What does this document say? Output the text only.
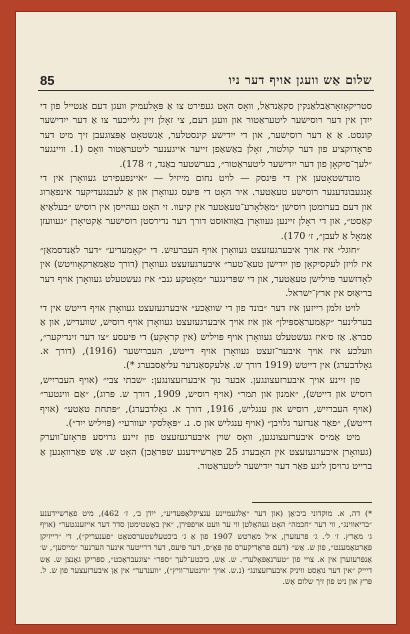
85	שלום אַש וועגן אויף דער ניו

סטריקאָזאָראַבלאַנקין סקאַנדאַל, וואָס האָט געפירט צו אַ פּאָלעמיק וועגן דעם אַנטייל פון די ייִדן אין דער רוסישער ליטעראַטור און וועגן דעם, צי זאָלן זיין גלייכער צו אַ דער ייִדישער קונסט. אַ אַ דער רוסישער, און די ייִדישע קינסטלער, אַנשטאָט אָפּצוגעבן זיך מיט דער פראָדוקציע פון דער קולטור, זאָלן באַשאַפן זייער אייגענער ליטעראַטור וואָס (1. וויינגער ״לעך־סיקאָן פון דער ייִדישער ליטעראַטור״, בערשטער באַנד, ז׳ 178).

מונדשטאָטען אין די פּינסק — לויט נחום מייזיל — ״איינפעפירט געוואָרן אין די אָנגעבונדענער רוסישע טעאַטער. איר האָט די פּיעס געוואָרן און אַ לעבנגעדיקער אינפאַרוג און דעם בערומטן רוסישן ״מאַלאָרע־טעאַטער אין קיעוו. זי האָט נעהייסן אין רוסיש ״בעלאַיאַ קאַסט״, און די ראָלן זיינען געוואָרן באַוואוּסט דורך דער נדירסטן רוסישער אַקטיאָרן ״געוועזן אַמאָל אַ לעבן״, ז׳ 170).

״חוגל״ איז אויך איבערגעזעצט געוואָרן אויף העברעיִש. די ״קאָמעדיע״ ״דער לאַנדסמאַן״ איז לויזן לעקסיקאָן פון ייִדישן טעאַ־טער״ איבערגעזעצט געוואָרן (דורך טאַמאַרקאָוויטש) אין לאָדזשער פּוילישן טעאַטער, און די שפּרינגער ״מאָטקע גנב״ איז געשטעלט געוואָרן אויף דער בריאָוּס אין ארץ־ישראל.

לויט זלמן רייזען איז דער ״בונד פון די שוואַכע״ איבערגעזעצט געוואָרן אויף דייטש אין די בערלינער ״קאַמעראַספּילן״ און איז אויך איבערגעזעצט געוואָרן אויף רוסיש, שוועדיש, און אַ סבראַ. אַז ס׳איז געשטעלט געוואָרן אויף פּויליש (אין קראָקע) די פּיעסע ״צו דער זינדיקער״, וועלכע איז אויך איבער־זעצט געוואָרן אויף דייטש, העבריִשער (1916), (דורך א. גאָלדבערג) אין דייטש (1919 דורך ש. אַלעקסאַנדער עליאַסבערג *).

פון זיינע אויך איבערזעצונגען. אבער נוּך איבערזעצונגען: ״שבתי צבי״ (אויף העבריִיש, רוסיש און דייטש), ״אמנון און תמר״ (אויף רוסיש, 1909, דורך ש. פּרוג), ״אַם ווינטער״ (אויף העבריִיש, רוסיש און ענגליש, 1916, דורך א. גאָלדבערג), ״פּתחת טאַטע״ (אויף דייטש), ״פאַר אַנדזער גלויבן״ (אויף ענגליש און ס. נ. ״פּאָלסקי יעוורעי״ (פּויליש ייִד״).

מיט אַמ״ס איבערזעצונגען, וואָס שוין איבערגעזעצט פון זיינע גרויסע פּראָזע־ווערק (געוואָרן איבערגעזעצט אין האָבערג 25 פאַרשיידענע שפּראַכן) האָט ש. אַש פאַרוואָנען אַ ברייט גרויסן ליגע פאַר דער ייִדישער ליטעראַטור.

*) דה, א. מוקדוני ביכ׳אַן (און דער ״אַלגעמיינע ענציקלאָפּעדיע״, ייִדן ב׳, ז׳ 462), מיט פאַרשיידענע ״בריאווינג״, ווי דער ״חכמה״ האָט געהאַלטן ווי ער וועט אויפפּירן, ״אין באַשטימטן סדר דער אייזענגטער״ (אויף ג׳ מאַרץ. ז׳ ל׳. ג׳ פּרעזערן, א״ל מאַרטש 1907 פון אַ ג׳ ביכטעלשטערסטאַט ״פענעריק״), די ״רייזיקן פּאַרטאַמענט״, פון ש. אַש״ (דעם פּראַדיקערס פון פּאָ״ס, דער פּיעס, דער דרייטער אינער הערנער ״מייסען״, ש׳ אַנפּרעזערן אין א. צויי פון ״טערנאַפּאָלער״. ש. אַש, ביכטע־לעך ״ספּר״ ״צוגעבראַכט״, ספּריקן גאָנצן ש. אַש דיייק ״אין דער נואַסט וויניק איבערזעצונג״ (נ.ש. אויך ״ווינטער־וויץ״), ״ווענדער״ אין אַן איבערזעצער פון ש. ל. פּרץ און ניט פון זיך שלום אַש.
